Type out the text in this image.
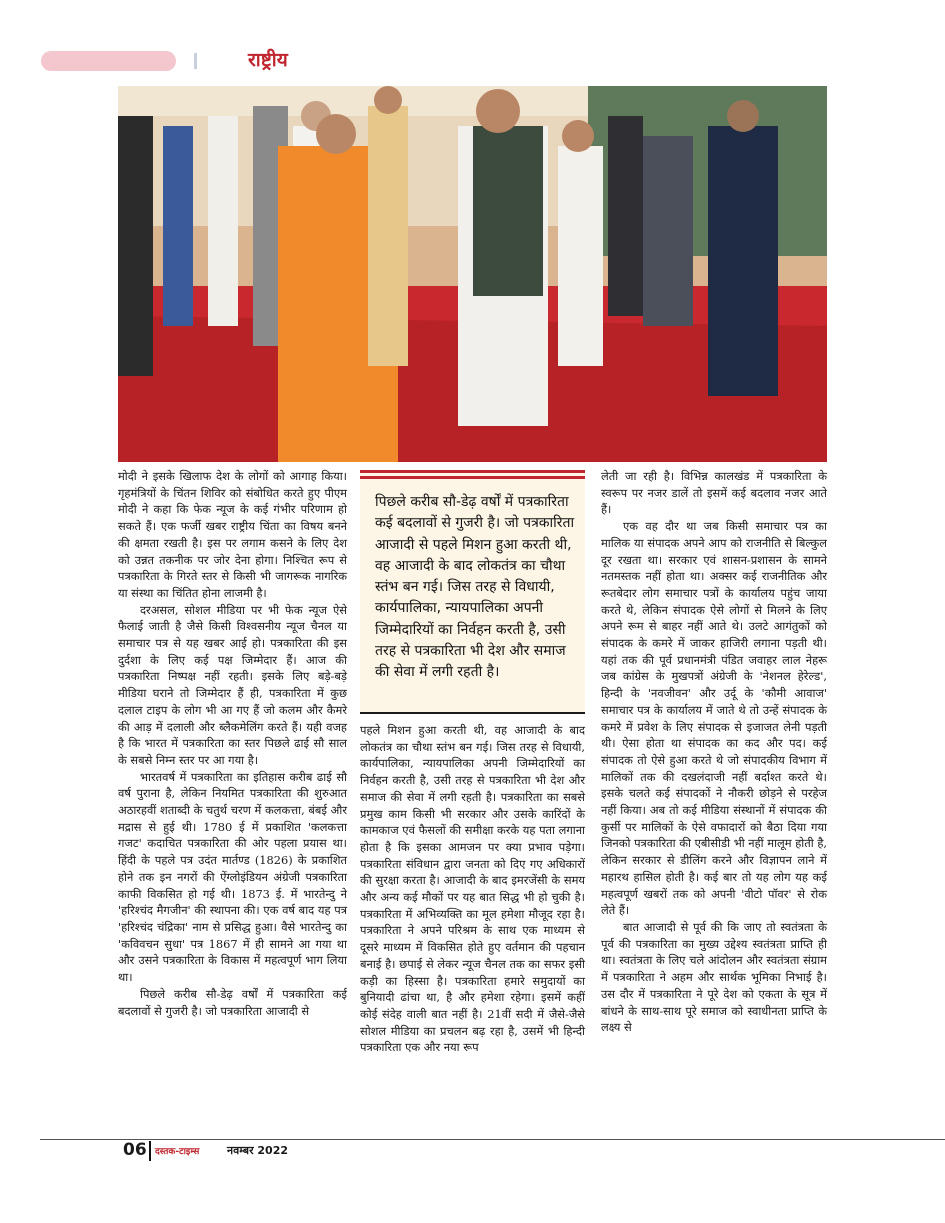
राष्ट्रीय

मोदी ने इसके खिलाफ देश के लोगों को आगाह किया। गृहमंत्रियों के चिंतन शिविर को संबोधित करते हुए पीएम मोदी ने कहा कि फेक न्यूज के कई गंभीर परिणाम हो सकते हैं। एक फर्जी खबर राष्ट्रीय चिंता का विषय बनने की क्षमता रखती है। इस पर लगाम कसने के लिए देश को उन्नत तकनीक पर जोर देना होगा। निश्चित रूप से पत्रकारिता के गिरते स्तर से किसी भी जागरूक नागरिक या संस्था का चिंतित होना लाजमी है।

दरअसल, सोशल मीडिया पर भी फेक न्यूज ऐसे फैलाई जाती है जैसे किसी विश्वसनीय न्यूज चैनल या समाचार पत्र से यह खबर आई हो। पत्रकारिता की इस दुर्दशा के लिए कई पक्ष जिम्मेदार हैं। आज की पत्रकारिता निष्पक्ष नहीं रहती। इसके लिए बड़े-बड़े मीडिया घराने तो जिम्मेदार हैं ही, पत्रकारिता में कुछ दलाल टाइप के लोग भी आ गए हैं जो कलम और कैमरे की आड़ में दलाली और ब्लैकमेलिंग करते हैं। यही वजह है कि भारत में पत्रकारिता का स्तर पिछले ढाई सौ साल के सबसे निम्न स्तर पर आ गया है।

भारतवर्ष में पत्रकारिता का इतिहास करीब ढाई सौ वर्ष पुराना है, लेकिन नियमित पत्रकारिता की शुरुआत अठारहवीं शताब्दी के चतुर्थ चरण में कलकत्ता, बंबई और मद्रास से हुई थी। 1780 ई में प्रकाशित 'कलकत्ता गजट' कदाचित पत्रकारिता की ओर पहला प्रयास था। हिंदी के पहले पत्र उदंत मार्तण्ड (1826) के प्रकाशित होने तक इन नगरों की ऐंग्लोइंडियन अंग्रेजी पत्रकारिता काफी विकसित हो गई थी। 1873 ई. में भारतेन्दु ने 'हरिश्चंद मैगजीन' की स्थापना की। एक वर्ष बाद यह पत्र 'हरिश्चंद चंद्रिका' नाम से प्रसिद्ध हुआ। वैसे भारतेन्दु का 'कविवचन सुधा' पत्र 1867 में ही सामने आ गया था और उसने पत्रकारिता के विकास में महत्वपूर्ण भाग लिया था।

पिछले करीब सौ-डेढ़ वर्षों में पत्रकारिता कई बदलावों से गुजरी है। जो पत्रकारिता आजादी से

पिछले करीब सौ-डेढ़ वर्षों में पत्रकारिता कई बदलावों से गुजरी है। जो पत्रकारिता आजादी से पहले मिशन हुआ करती थी, वह आजादी के बाद लोकतंत्र का चौथा स्तंभ बन गई। जिस तरह से विधायी, कार्यपालिका, न्यायपालिका अपनी जिम्मेदारियों का निर्वहन करती है, उसी तरह से पत्रकारिता भी देश और समाज की सेवा में लगी रहती है।

पहले मिशन हुआ करती थी, वह आजादी के बाद लोकतंत्र का चौथा स्तंभ बन गई। जिस तरह से विधायी, कार्यपालिका, न्यायपालिका अपनी जिम्मेदारियों का निर्वहन करती है, उसी तरह से पत्रकारिता भी देश और समाज की सेवा में लगी रहती है। पत्रकारिता का सबसे प्रमुख काम किसी भी सरकार और उसके कारिंदों के कामकाज एवं फैसलों की समीक्षा करके यह पता लगाना होता है कि इसका आमजन पर क्या प्रभाव पड़ेगा। पत्रकारिता संविधान द्वारा जनता को दिए गए अधिकारों की सुरक्षा करता है। आजादी के बाद इमरजेंसी के समय और अन्य कई मौकों पर यह बात सिद्ध भी हो चुकी है। पत्रकारिता में अभिव्यक्ति का मूल हमेशा मौजूद रहा है। पत्रकारिता ने अपने परिश्रम के साथ एक माध्यम से दूसरे माध्यम में विकसित होते हुए वर्तमान की पहचान बनाई है। छपाई से लेकर न्यूज चैनल तक का सफर इसी कड़ी का हिस्सा है। पत्रकारिता हमारे समुदायों का बुनियादी ढांचा था, है और हमेशा रहेगा। इसमें कहीं कोई संदेह वाली बात नहीं है। 21वीं सदी में जैसे-जैसे सोशल मीडिया का प्रचलन बढ़ रहा है, उसमें भी हिन्दी पत्रकारिता एक और नया रूप

लेती जा रही है। विभिन्न कालखंड में पत्रकारिता के स्वरूप पर नजर डालें तो इसमें कई बदलाव नजर आते हैं।

एक वह दौर था जब किसी समाचार पत्र का मालिक या संपादक अपने आप को राजनीति से बिल्कुल दूर रखता था। सरकार एवं शासन-प्रशासन के सामने नतमस्तक नहीं होता था। अक्सर कई राजनीतिक और रूतबेदार लोग समाचार पत्रों के कार्यालय पहुंच जाया करते थे, लेकिन संपादक ऐसे लोगों से मिलने के लिए अपने रूम से बाहर नहीं आते थे। उलटे आगंतुकों को संपादक के कमरे में जाकर हाजिरी लगाना पड़ती थी। यहां तक की पूर्व प्रधानमंत्री पंडित जवाहर लाल नेहरू जब कांग्रेस के मुखपत्रों अंग्रेजी के 'नेशनल हेरेल्ड', हिन्दी के 'नवजीवन' और उर्दू के 'कौमी आवाज' समाचार पत्र के कार्यालय में जाते थे तो उन्हें संपादक के कमरे में प्रवेश के लिए संपादक से इजाजत लेनी पड़ती थी। ऐसा होता था संपादक का कद और पद। कई संपादक तो ऐसे हुआ करते थे जो संपादकीय विभाग में मालिकों तक की दखलंदाजी नहीं बर्दाश्त करते थे। इसके चलते कई संपादकों ने नौकरी छोड़ने से परहेज नहीं किया। अब तो कई मीडिया संस्थानों में संपादक की कुर्सी पर मालिकों के ऐसे वफादारों को बैठा दिया गया जिनको पत्रकारिता की एबीसीडी भी नहीं मालूम होती है, लेकिन सरकार से डीलिंग करने और विज्ञापन लाने में महारथ हासिल होती है। कई बार तो यह लोग यह कई महत्वपूर्ण खबरों तक को अपनी 'वीटो पॉवर' से रोक लेते हैं।

बात आजादी से पूर्व की कि जाए तो स्वतंत्रता के पूर्व की पत्रकारिता का मुख्य उद्देश्य स्वतंत्रता प्राप्ति ही था। स्वतंत्रता के लिए चले आंदोलन और स्वतंत्रता संग्राम में पत्रकारिता ने अहम और सार्थक भूमिका निभाई है। उस दौर में पत्रकारिता ने पूरे देश को एकता के सूत्र में बांधने के साथ-साथ पूरे समाज को स्वाधीनता प्राप्ति के लक्ष्य से

06 दस्तक-टाइम्स	नवम्बर 2022
